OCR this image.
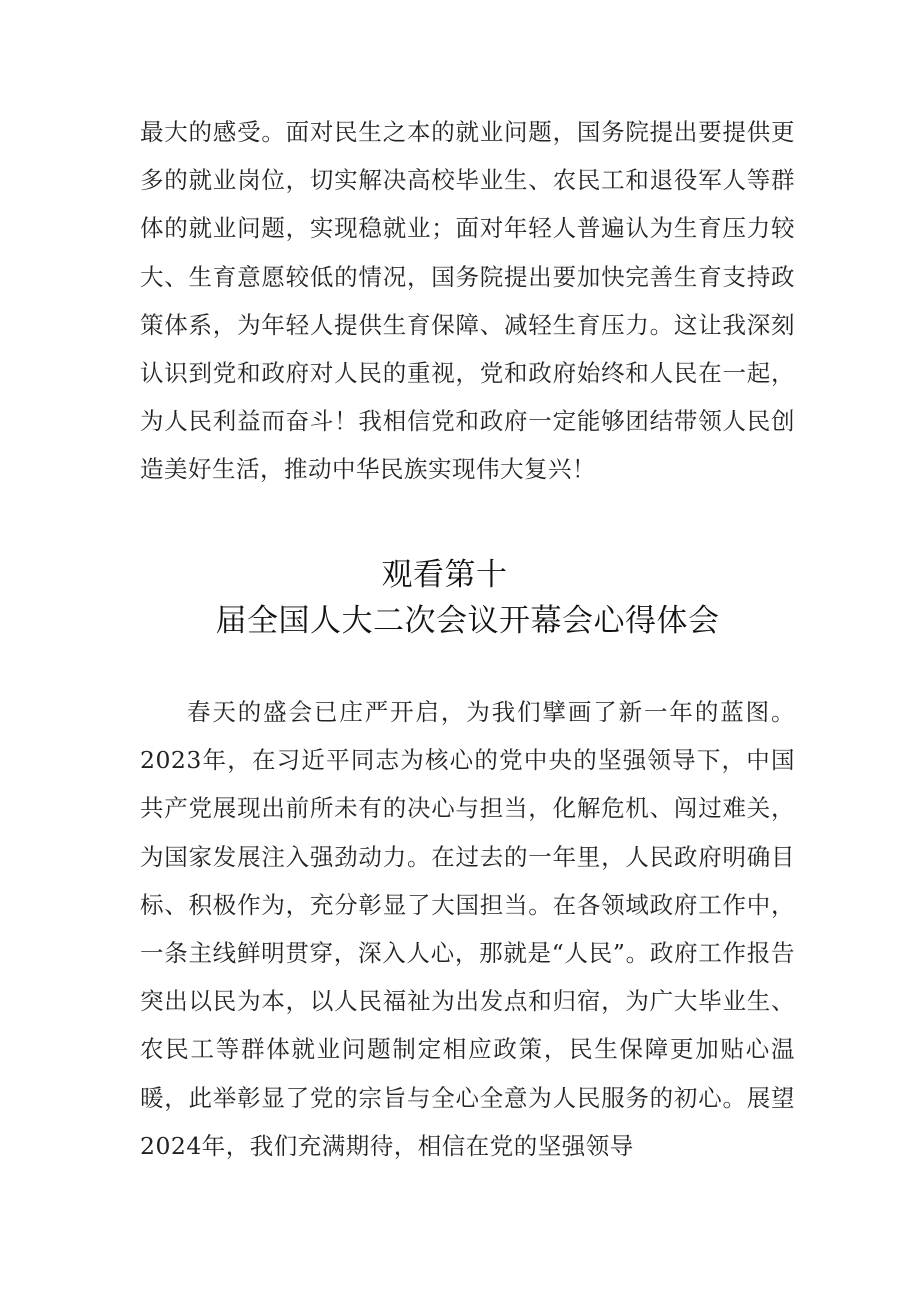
最大的感受。面对民生之本的就业问题，国务院提出要提供更多的就业岗位，切实解决高校毕业生、农民工和退役军人等群体的就业问题，实现稳就业；面对年轻人普遍认为生育压力较大、生育意愿较低的情况，国务院提出要加快完善生育支持政策体系，为年轻人提供生育保障、减轻生育压力。这让我深刻认识到党和政府对人民的重视，党和政府始终和人民在一起，为人民利益而奋斗！我相信党和政府一定能够团结带领人民创造美好生活，推动中华民族实现伟大复兴！

观看第十届全国人大二次会议开幕会心得体会

春天的盛会已庄严开启，为我们擘画了新一年的蓝图。2023年，在习近平同志为核心的党中央的坚强领导下，中国共产党展现出前所未有的决心与担当，化解危机、闯过难关，为国家发展注入强劲动力。在过去的一年里，人民政府明确目标、积极作为，充分彰显了大国担当。在各领域政府工作中，一条主线鲜明贯穿，深入人心，那就是“人民”。政府工作报告突出以民为本，以人民福祉为出发点和归宿，为广大毕业生、农民工等群体就业问题制定相应政策，民生保障更加贴心温暖，此举彰显了党的宗旨与全心全意为人民服务的初心。展望2024年，我们充满期待，相信在党的坚强领导
